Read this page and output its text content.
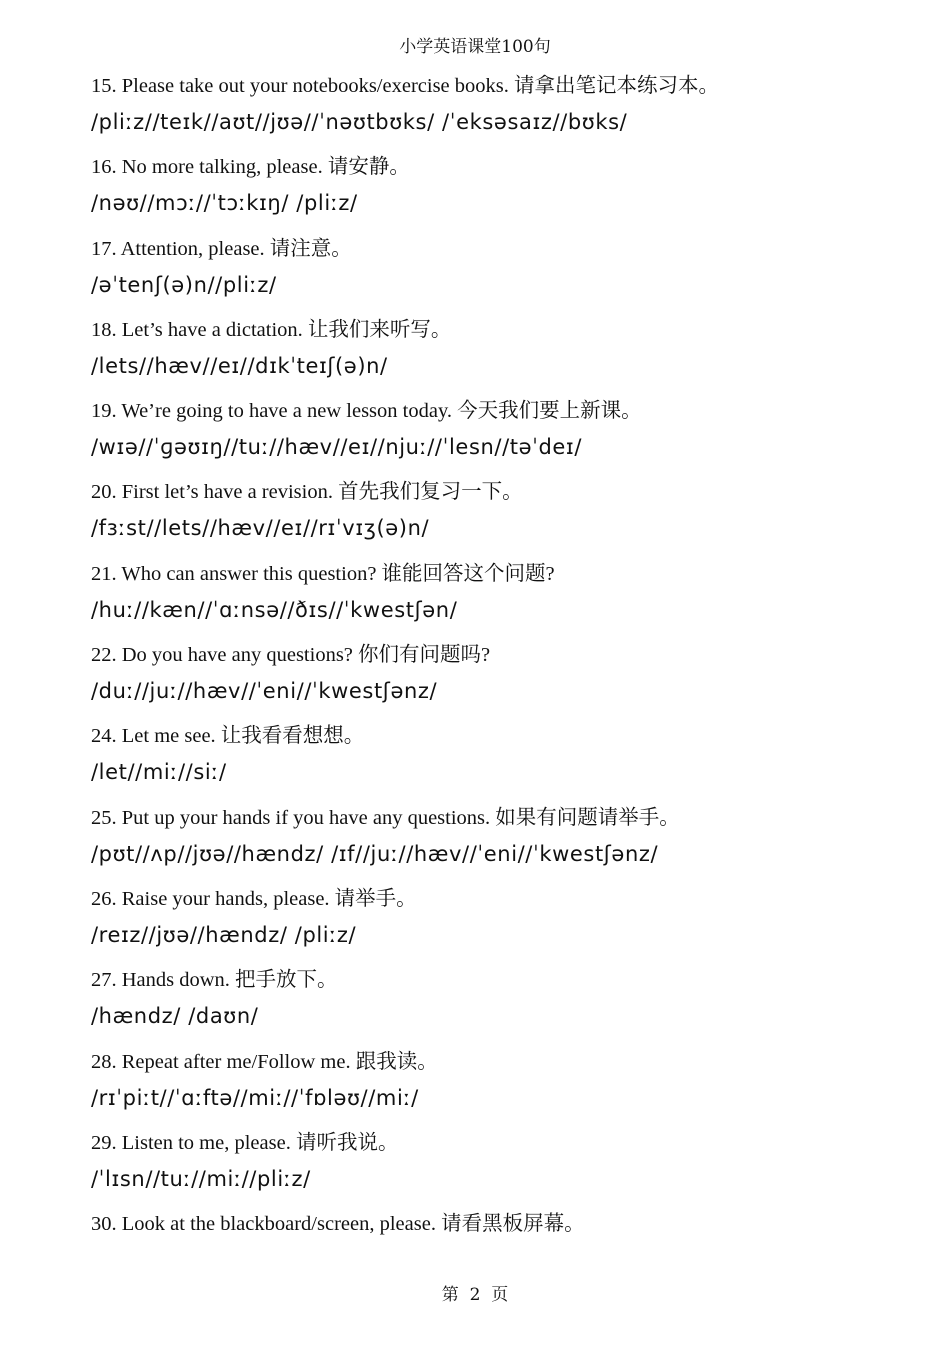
小学英语课堂100句
15. Please take out your notebooks/exercise books. 请拿出笔记本练习本。
/pliːz//teɪk//aʊt//jʊə//ˈnəʊtbʊks/ /ˈeksəsaɪz//bʊks/
16. No more talking, please. 请安静。
/nəʊ//mɔː//ˈtɔːkɪŋ/ /pliːz/
17. Attention, please. 请注意。
/əˈtenʃ(ə)n//pliːz/
18. Let’s have a dictation. 让我们来听写。
/lets//hæv//eɪ//dɪkˈteɪʃ(ə)n/
19. We’re going to have a new lesson today. 今天我们要上新课。
/wɪə//ˈɡəʊɪŋ//tuː//hæv//eɪ//njuː//ˈlesn//təˈdeɪ/
20. First let’s have a revision. 首先我们复习一下。
/fɜːst//lets//hæv//eɪ//rɪˈvɪʒ(ə)n/
21. Who can answer this question? 谁能回答这个问题?
/huː//kæn//ˈɑːnsə//ðɪs//ˈkwestʃən/
22. Do you have any questions? 你们有问题吗?
/duː//juː//hæv//ˈeni//ˈkwestʃənz/
24. Let me see. 让我看看想想。
/let//miː//siː/
25. Put up your hands if you have any questions. 如果有问题请举手。
/pʊt//ʌp//jʊə//hændz/ /ɪf//juː//hæv//ˈeni//ˈkwestʃənz/
26. Raise your hands, please. 请举手。
/reɪz//jʊə//hændz/ /pliːz/
27. Hands down. 把手放下。
/hændz/ /daʊn/
28. Repeat after me/Follow me. 跟我读。
/rɪˈpiːt//ˈɑːftə//miː//ˈfɒləʊ//miː/
29. Listen to me, please. 请听我说。
/ˈlɪsn//tuː//miː//pliːz/
30. Look at the blackboard/screen, please. 请看黑板屏幕。
第  2  页
